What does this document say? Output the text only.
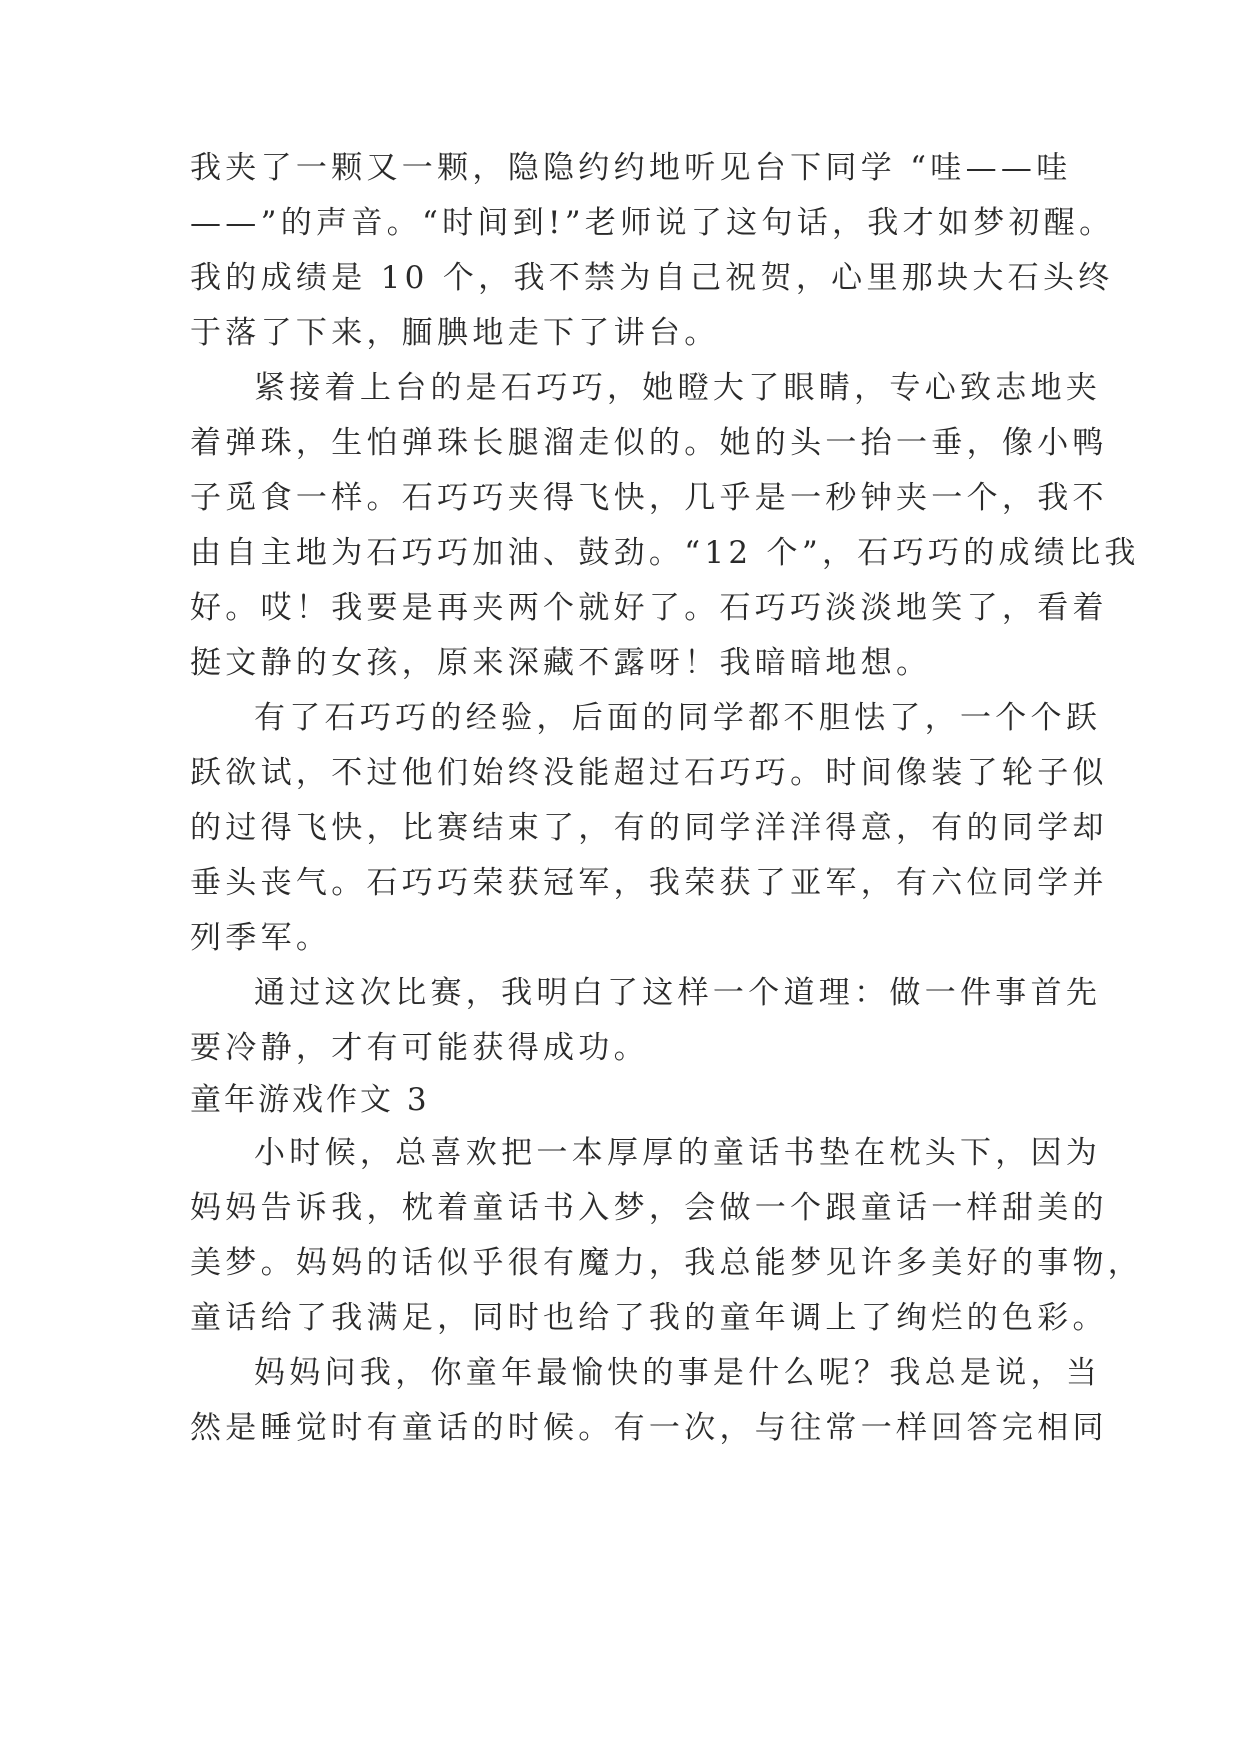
我夹了一颗又一颗，隐隐约约地听见台下同学 “哇——哇
——”的声音。“时间到!”老师说了这句话，我才如梦初醒。
我的成绩是 10 个，我不禁为自己祝贺，心里那块大石头终
于落了下来，腼腆地走下了讲台。
紧接着上台的是石巧巧，她瞪大了眼睛，专心致志地夹
着弹珠，生怕弹珠长腿溜走似的。她的头一抬一垂，像小鸭
子觅食一样。石巧巧夹得飞快，几乎是一秒钟夹一个，我不
由自主地为石巧巧加油、鼓劲。“12 个”，石巧巧的成绩比我
好。哎！我要是再夹两个就好了。石巧巧淡淡地笑了，看着
挺文静的女孩，原来深藏不露呀！我暗暗地想。
有了石巧巧的经验，后面的同学都不胆怯了，一个个跃
跃欲试，不过他们始终没能超过石巧巧。时间像装了轮子似
的过得飞快，比赛结束了，有的同学洋洋得意，有的同学却
垂头丧气。石巧巧荣获冠军，我荣获了亚军，有六位同学并
列季军。
通过这次比赛，我明白了这样一个道理：做一件事首先
要冷静，才有可能获得成功。
童年游戏作文 3
小时候，总喜欢把一本厚厚的童话书垫在枕头下，因为
妈妈告诉我，枕着童话书入梦，会做一个跟童话一样甜美的
美梦。妈妈的话似乎很有魔力，我总能梦见许多美好的事物，
童话给了我满足，同时也给了我的童年调上了绚烂的色彩。
妈妈问我，你童年最愉快的事是什么呢？我总是说，当
然是睡觉时有童话的时候。有一次，与往常一样回答完相同
